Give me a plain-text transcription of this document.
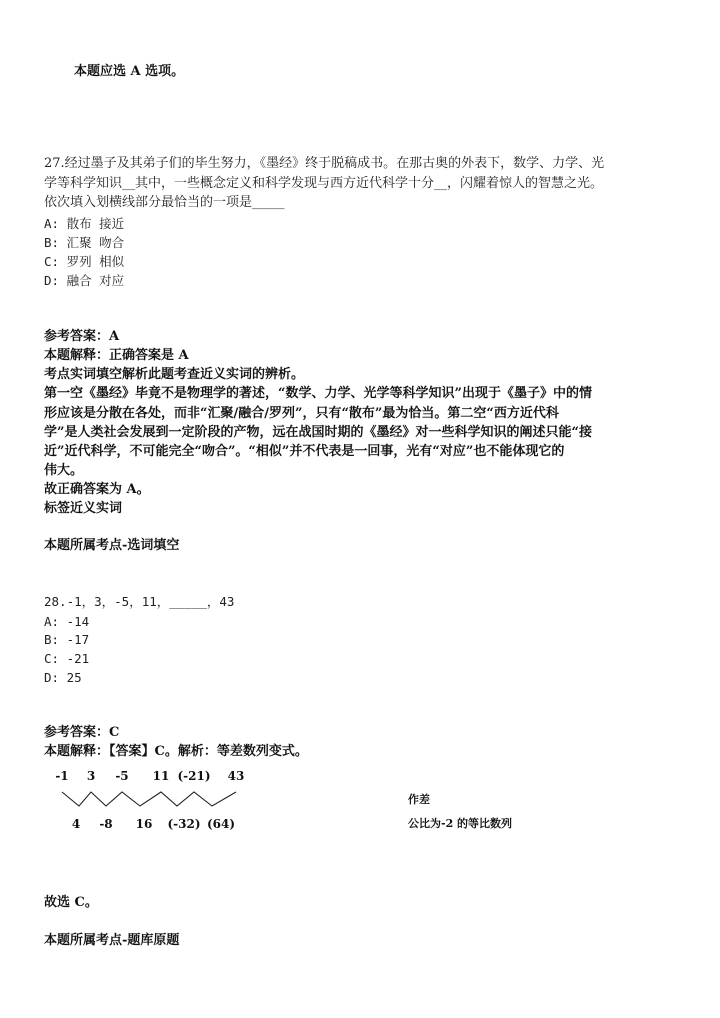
本题应选 A 选项。
27.经过墨子及其弟子们的毕生努力，《墨经》终于脱稿成书。在那古奥的外表下，数学、力学、光
学等科学知识__其中，一些概念定义和科学发现与西方近代科学十分__，闪耀着惊人的智慧之光。
依次填入划横线部分最恰当的一项是_____
A: 散布 接近
B: 汇聚 吻合
C: 罗列 相似
D: 融合 对应
参考答案：A
本题解释：正确答案是 A
考点实词填空解析此题考查近义实词的辨析。
第一空《墨经》毕竟不是物理学的著述，“数学、力学、光学等科学知识”出现于《墨子》中的情
形应该是分散在各处，而非“汇聚/融合/罗列”，只有“散布”最为恰当。第二空“西方近代科
学”是人类社会发展到一定阶段的产物，远在战国时期的《墨经》对一些科学知识的阐述只能“接
近”近代科学，不可能完全“吻合”。“相似”并不代表是一回事，光有“对应”也不能体现它的
伟大。
故正确答案为 A。
标签近义实词
本题所属考点-选词填空
28.-1，3，-5，11，_____，43
A: -14
B: -17
C: -21
D: 25
参考答案：C
本题解释：【答案】C。解析：等差数列变式。
-1 3 -5 11 (-21) 43
4 -8 16 (-32) (64)
作差
公比为-2 的等比数列
故选 C。
本题所属考点-题库原题
